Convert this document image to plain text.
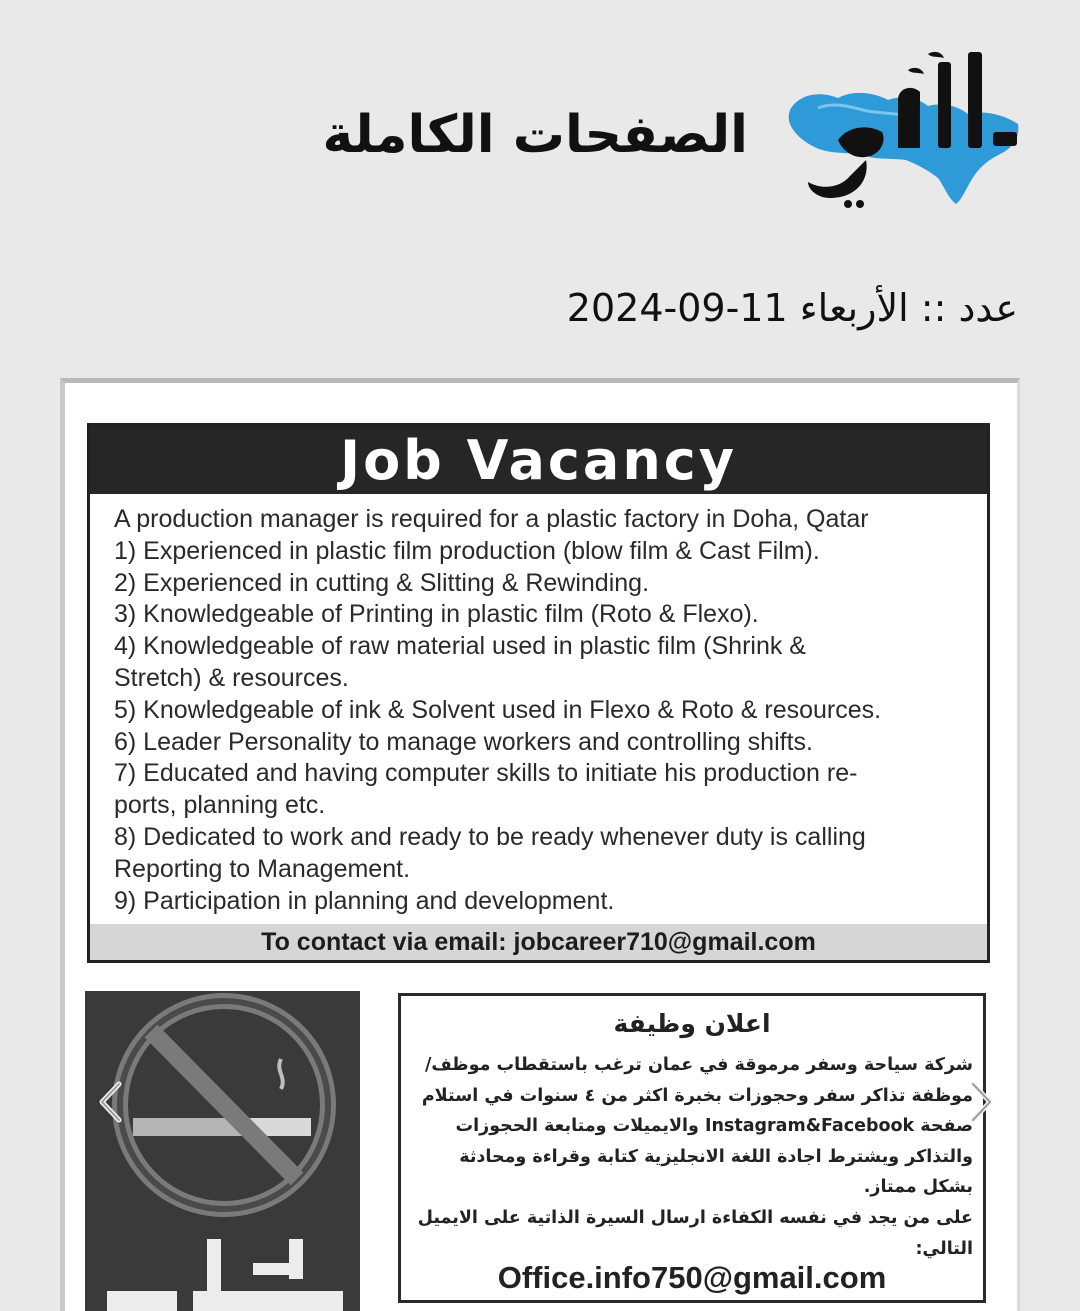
الصفحات الكاملة
عدد :: الأربعاء 11-09-2024
Job Vacancy
A production manager is required for a plastic factory in Doha, Qatar
1) Experienced in plastic film production (blow film & Cast Film).
2) Experienced in cutting & Slitting & Rewinding.
3) Knowledgeable of Printing in plastic film (Roto & Flexo).
4) Knowledgeable of raw material used in plastic film (Shrink &
Stretch) & resources.
5) Knowledgeable of ink & Solvent used in Flexo & Roto & resources.
6) Leader Personality to manage workers and controlling shifts.
7) Educated and having computer skills to initiate his production re-
ports, planning etc.
8) Dedicated to work and ready to be ready whenever duty is calling
Reporting to Management.
9) Participation in planning and development.
To contact via email: jobcareer710@gmail.com
اعلان وظيفة
شركة سياحة وسفر مرموقة في عمان ترغب باستقطاب موظف/
موظفة تذاكر سفر وحجوزات بخبرة اكثر من ٤ سنوات في استلام
صفحة Instagram&Facebook والايميلات ومتابعة الحجوزات
والتذاكر ويشترط اجادة اللغة الانجليزية كتابة وقراءة ومحادثة
بشكل ممتاز.
على من يجد في نفسه الكفاءة ارسال السيرة الذاتية على الايميل
التالي:
Office.info750@gmail.com
